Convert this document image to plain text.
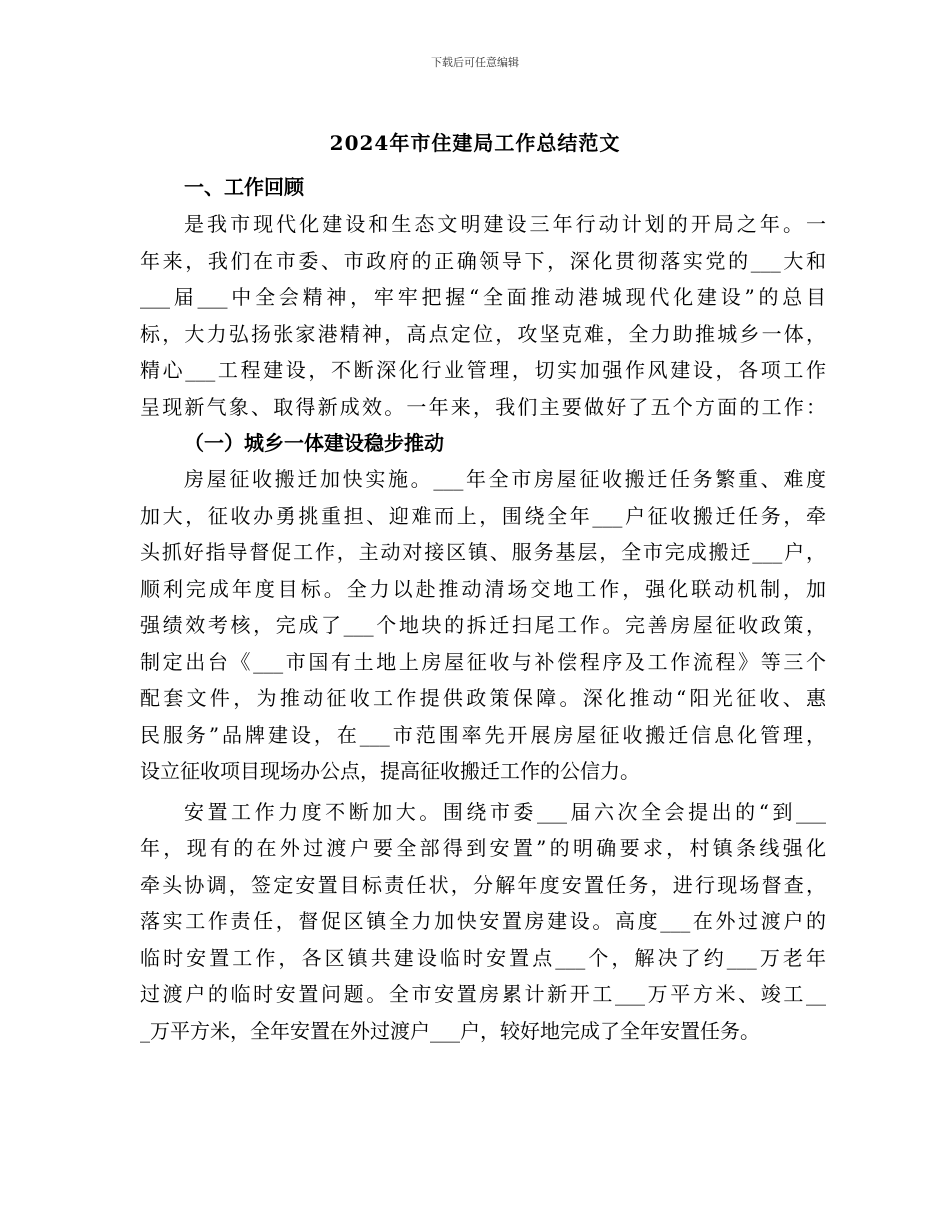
下载后可任意编辑
2024年市住建局工作总结范文
一、工作回顾
是我市现代化建设和生态文明建设三年行动计划的开局之年。一
年来，我们在市委、市政府的正确领导下，深化贯彻落实党的___大和
___届___中全会精神，牢牢把握“全面推动港城现代化建设”的总目
标，大力弘扬张家港精神，高点定位，攻坚克难，全力助推城乡一体，
精心___工程建设，不断深化行业管理，切实加强作风建设，各项工作
呈现新气象、取得新成效。一年来，我们主要做好了五个方面的工作：
（一）城乡一体建设稳步推动
房屋征收搬迁加快实施。___年全市房屋征收搬迁任务繁重、难度
加大，征收办勇挑重担、迎难而上，围绕全年___户征收搬迁任务，牵
头抓好指导督促工作，主动对接区镇、服务基层，全市完成搬迁___户，
顺利完成年度目标。全力以赴推动清场交地工作，强化联动机制，加
强绩效考核，完成了___个地块的拆迁扫尾工作。完善房屋征收政策，
制定出台《___市国有土地上房屋征收与补偿程序及工作流程》等三个
配套文件，为推动征收工作提供政策保障。深化推动“阳光征收、惠
民服务”品牌建设，在___市范围率先开展房屋征收搬迁信息化管理，
设立征收项目现场办公点，提高征收搬迁工作的公信力。
安置工作力度不断加大。围绕市委___届六次全会提出的“到___
年，现有的在外过渡户要全部得到安置”的明确要求，村镇条线强化
牵头协调，签定安置目标责任状，分解年度安置任务，进行现场督查，
落实工作责任，督促区镇全力加快安置房建设。高度___在外过渡户的
临时安置工作，各区镇共建设临时安置点___个，解决了约___万老年
过渡户的临时安置问题。全市安置房累计新开工___万平方米、竣工__
_万平方米，全年安置在外过渡户___户，较好地完成了全年安置任务。
